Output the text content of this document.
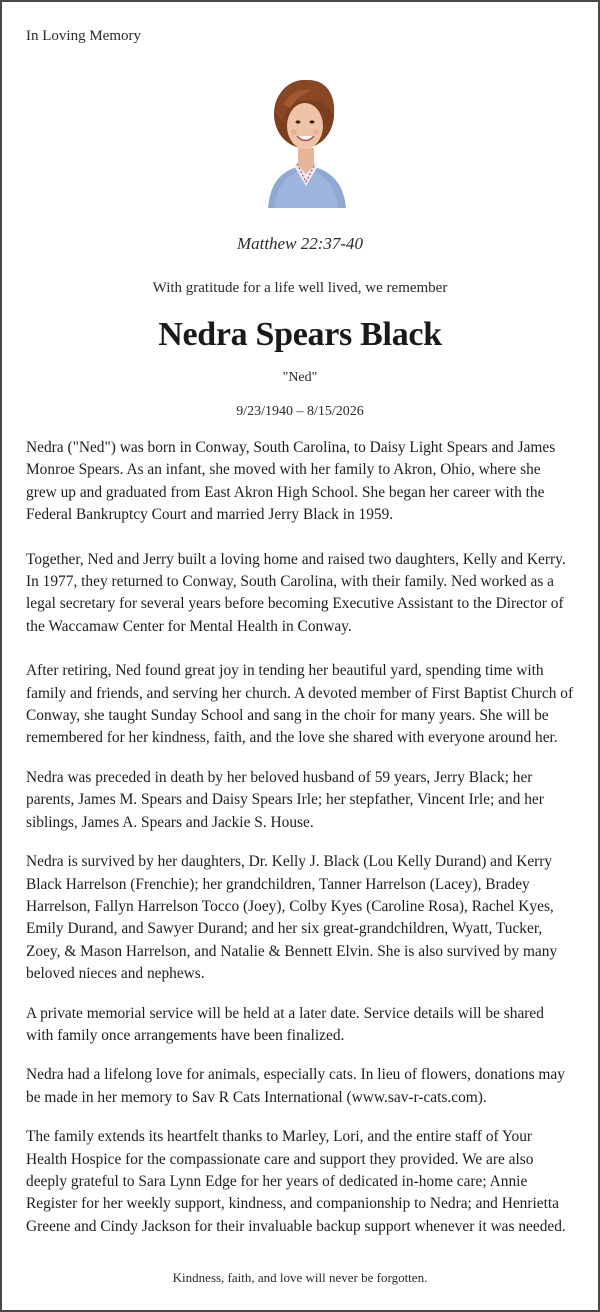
In Loving Memory
Matthew 22:37-40
With gratitude for a life well lived, we remember
Nedra Spears Black
"Ned"
9/23/1940 – 8/15/2026

Nedra ("Ned") was born in Conway, South Carolina, to Daisy Light Spears and James Monroe Spears. As an infant, she moved with her family to Akron, Ohio, where she grew up and graduated from East Akron High School. She began her career with the Federal Bankruptcy Court and married Jerry Black in 1959.

Together, Ned and Jerry built a loving home and raised two daughters, Kelly and Kerry. In 1977, they returned to Conway, South Carolina, with their family. Ned worked as a legal secretary for several years before becoming Executive Assistant to the Director of the Waccamaw Center for Mental Health in Conway.

After retiring, Ned found great joy in tending her beautiful yard, spending time with family and friends, and serving her church. A devoted member of First Baptist Church of Conway, she taught Sunday School and sang in the choir for many years. She will be remembered for her kindness, faith, and the love she shared with everyone around her.

Nedra was preceded in death by her beloved husband of 59 years, Jerry Black; her parents, James M. Spears and Daisy Spears Irle; her stepfather, Vincent Irle; and her siblings, James A. Spears and Jackie S. House.

Nedra is survived by her daughters, Dr. Kelly J. Black (Lou Kelly Durand) and Kerry Black Harrelson (Frenchie); her grandchildren, Tanner Harrelson (Lacey), Bradey Harrelson, Fallyn Harrelson Tocco (Joey), Colby Kyes (Caroline Rosa), Rachel Kyes, Emily Durand, and Sawyer Durand; and her six great-grandchildren, Wyatt, Tucker, Zoey, & Mason Harrelson, and Natalie & Bennett Elvin. She is also survived by many beloved nieces and nephews.

A private memorial service will be held at a later date. Service details will be shared with family once arrangements have been finalized.

Nedra had a lifelong love for animals, especially cats. In lieu of flowers, donations may be made in her memory to Sav R Cats International (www.sav-r-cats.com).

The family extends its heartfelt thanks to Marley, Lori, and the entire staff of Your Health Hospice for the compassionate care and support they provided. We are also deeply grateful to Sara Lynn Edge for her years of dedicated in-home care; Annie Register for her weekly support, kindness, and companionship to Nedra; and Henrietta Greene and Cindy Jackson for their invaluable backup support whenever it was needed.

Kindness, faith, and love will never be forgotten.
